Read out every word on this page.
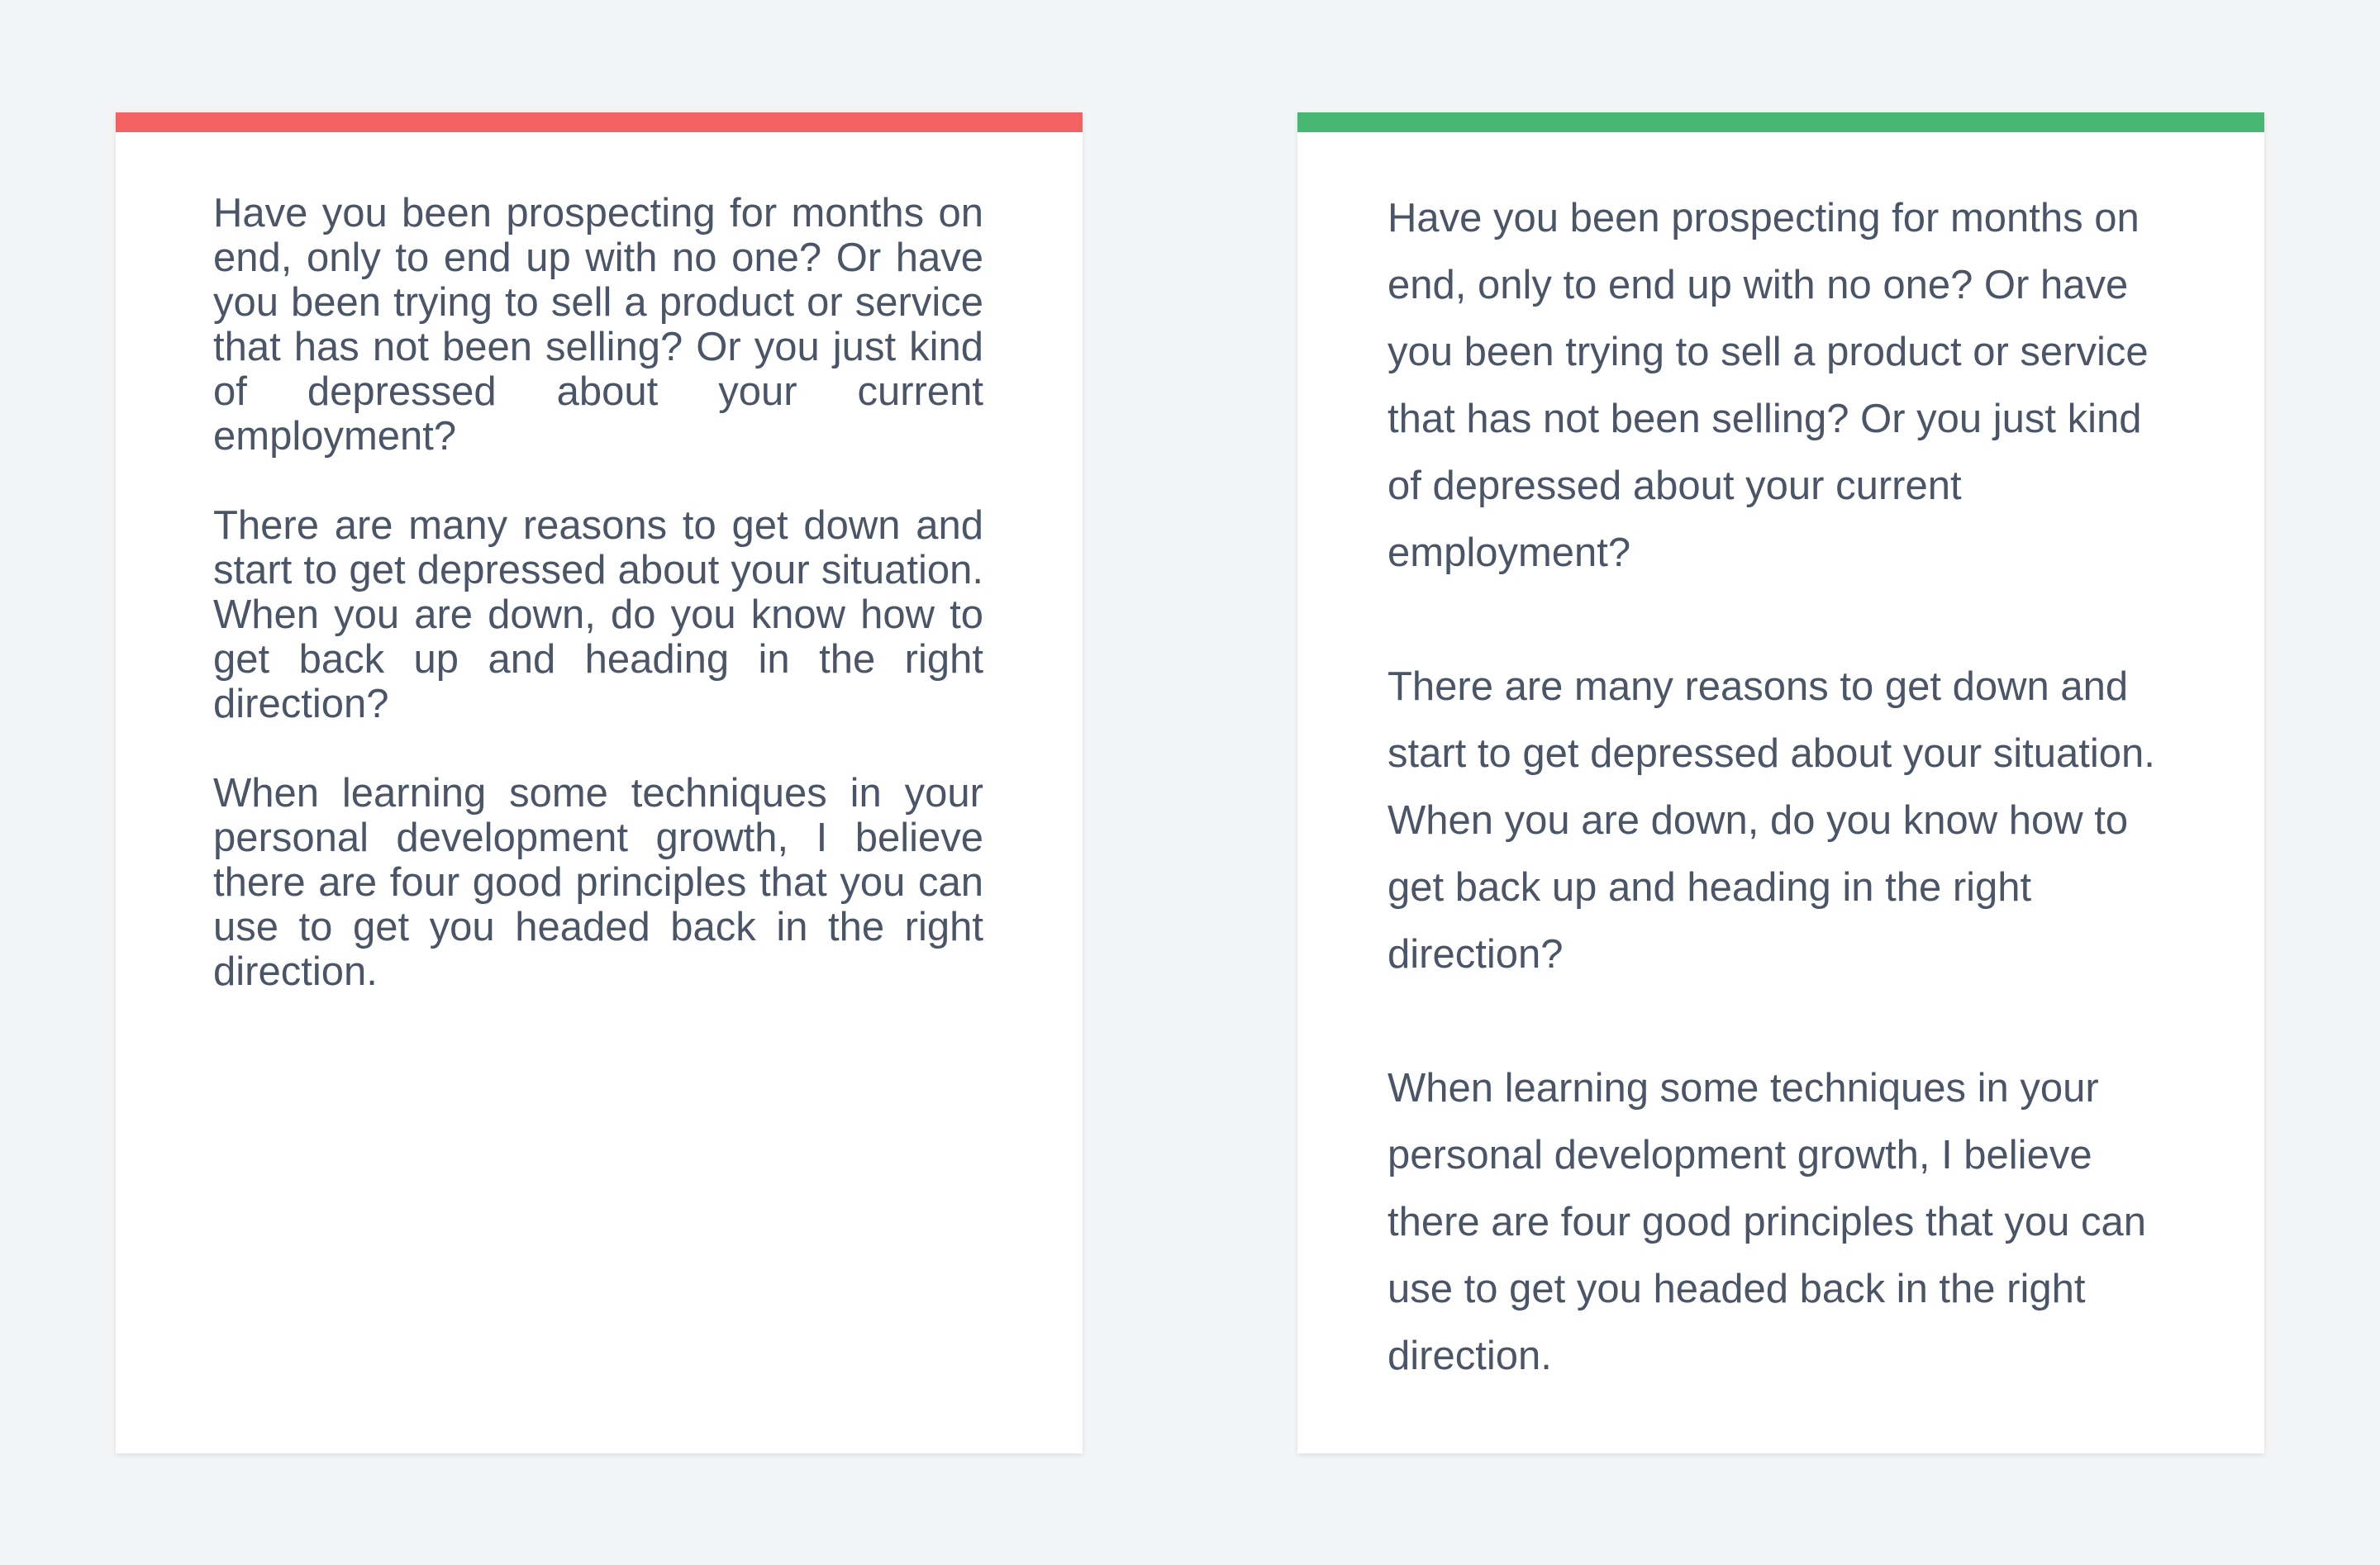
Have you been prospecting for months on end, only to end up with no one? Or have you been trying to sell a product or service that has not been selling? Or you just kind of depressed about your current employment?

There are many reasons to get down and start to get depressed about your situation. When you are down, do you know how to get back up and heading in the right direction?

When learning some techniques in your personal development growth, I believe there are four good principles that you can use to get you headed back in the right direction.

Have you been prospecting for months on end, only to end up with no one? Or have you been trying to sell a product or service that has not been selling? Or you just kind of depressed about your current employment?

There are many reasons to get down and start to get depressed about your situation. When you are down, do you know how to get back up and heading in the right direction?

When learning some techniques in your personal development growth, I believe there are four good principles that you can use to get you headed back in the right direction.
